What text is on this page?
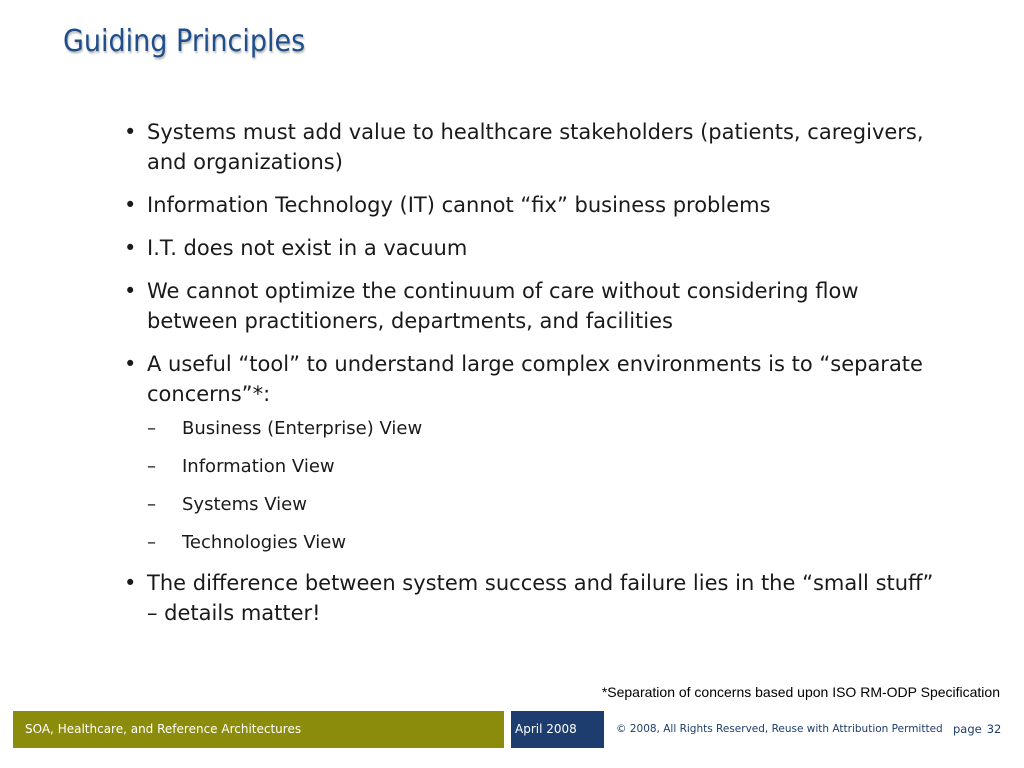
Guiding Principles
• Systems must add value to healthcare stakeholders (patients, caregivers, and organizations)
• Information Technology (IT) cannot “fix” business problems
• I.T. does not exist in a vacuum
• We cannot optimize the continuum of care without considering flow between practitioners, departments, and facilities
• A useful “tool” to understand large complex environments is to “separate concerns”*:
– Business (Enterprise) View
– Information View
– Systems View
– Technologies View
• The difference between system success and failure lies in the “small stuff” – details matter!
*Separation of concerns based upon ISO RM-ODP Specification
SOA, Healthcare, and Reference Architectures	April 2008	© 2008, All Rights Reserved, Reuse with Attribution Permitted page 32
